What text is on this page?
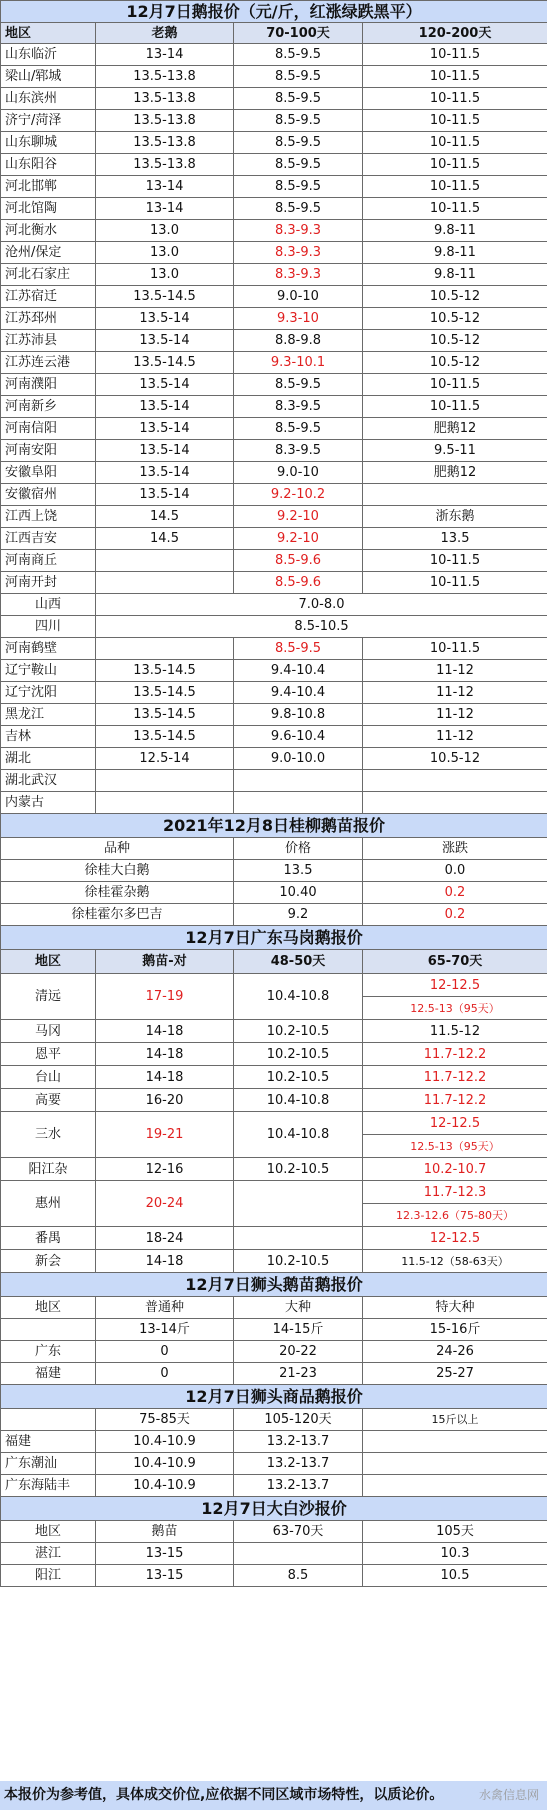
12月7日鹅报价（元/斤，红涨绿跌黑平）			
地区	老鹅	70-100天	120-200天
山东临沂	13-14	8.5-9.5	10-11.5
梁山/郓城	13.5-13.8	8.5-9.5	10-11.5
山东滨州	13.5-13.8	8.5-9.5	10-11.5
济宁/菏泽	13.5-13.8	8.5-9.5	10-11.5
山东聊城	13.5-13.8	8.5-9.5	10-11.5
山东阳谷	13.5-13.8	8.5-9.5	10-11.5
河北邯郸	13-14	8.5-9.5	10-11.5
河北馆陶	13-14	8.5-9.5	10-11.5
河北衡水	13.0	8.3-9.3	9.8-11
沧州/保定	13.0	8.3-9.3	9.8-11
河北石家庄	13.0	8.3-9.3	9.8-11
江苏宿迁	13.5-14.5	9.0-10	10.5-12
江苏邳州	13.5-14	9.3-10	10.5-12
江苏沛县	13.5-14	8.8-9.8	10.5-12
江苏连云港	13.5-14.5	9.3-10.1	10.5-12
河南濮阳	13.5-14	8.5-9.5	10-11.5
河南新乡	13.5-14	8.3-9.5	10-11.5
河南信阳	13.5-14	8.5-9.5	肥鹅12
河南安阳	13.5-14	8.3-9.5	9.5-11
安徽阜阳	13.5-14	9.0-10	肥鹅12
安徽宿州	13.5-14	9.2-10.2	
江西上饶	14.5	9.2-10	浙东鹅
江西吉安	14.5	9.2-10	13.5
河南商丘		8.5-9.6	10-11.5
河南开封		8.5-9.6	10-11.5
山西	7.0-8.0		
四川	8.5-10.5		
河南鹤壁		8.5-9.5	10-11.5
辽宁鞍山	13.5-14.5	9.4-10.4	11-12
辽宁沈阳	13.5-14.5	9.4-10.4	11-12
黑龙江	13.5-14.5	9.8-10.8	11-12
吉林	13.5-14.5	9.6-10.4	11-12
湖北	12.5-14	9.0-10.0	10.5-12
湖北武汉			
内蒙古			
2021年12月8日桂柳鹅苗报价			
品种		价格	涨跌
徐桂大白鹅		13.5	0.0
徐桂霍杂鹅		10.40	0.2
徐桂霍尔多巴吉		9.2	0.2
12月7日广东马岗鹅报价			
地区	鹅苗-对	48-50天	65-70天
清远	17-19	10.4-10.8	12-12.5
			12.5-13（95天）
马冈	14-18	10.2-10.5	11.5-12
恩平	14-18	10.2-10.5	11.7-12.2
台山	14-18	10.2-10.5	11.7-12.2
高要	16-20	10.4-10.8	11.7-12.2
三水	19-21	10.4-10.8	12-12.5
			12.5-13（95天）
阳江杂	12-16	10.2-10.5	10.2-10.7
惠州	20-24		11.7-12.3
			12.3-12.6（75-80天）
番禺	18-24		12-12.5
新会	14-18	10.2-10.5	11.5-12（58-63天）
12月7日狮头鹅苗鹅报价			
地区	普通种	大种	特大种
	13-14斤	14-15斤	15-16斤
广东	0	20-22	24-26
福建	0	21-23	25-27
12月7日狮头商品鹅报价			
	75-85天	105-120天	15斤以上
福建	10.4-10.9	13.2-13.7	
广东潮汕	10.4-10.9	13.2-13.7	
广东海陆丰	10.4-10.9	13.2-13.7	
12月7日大白沙报价			
地区	鹅苗	63-70天	105天
湛江	13-15		10.3
阳江	13-15	8.5	10.5
本报价为参考值，具体成交价位,应依据不同区域市场特性，以质论价。	水禽信息网
